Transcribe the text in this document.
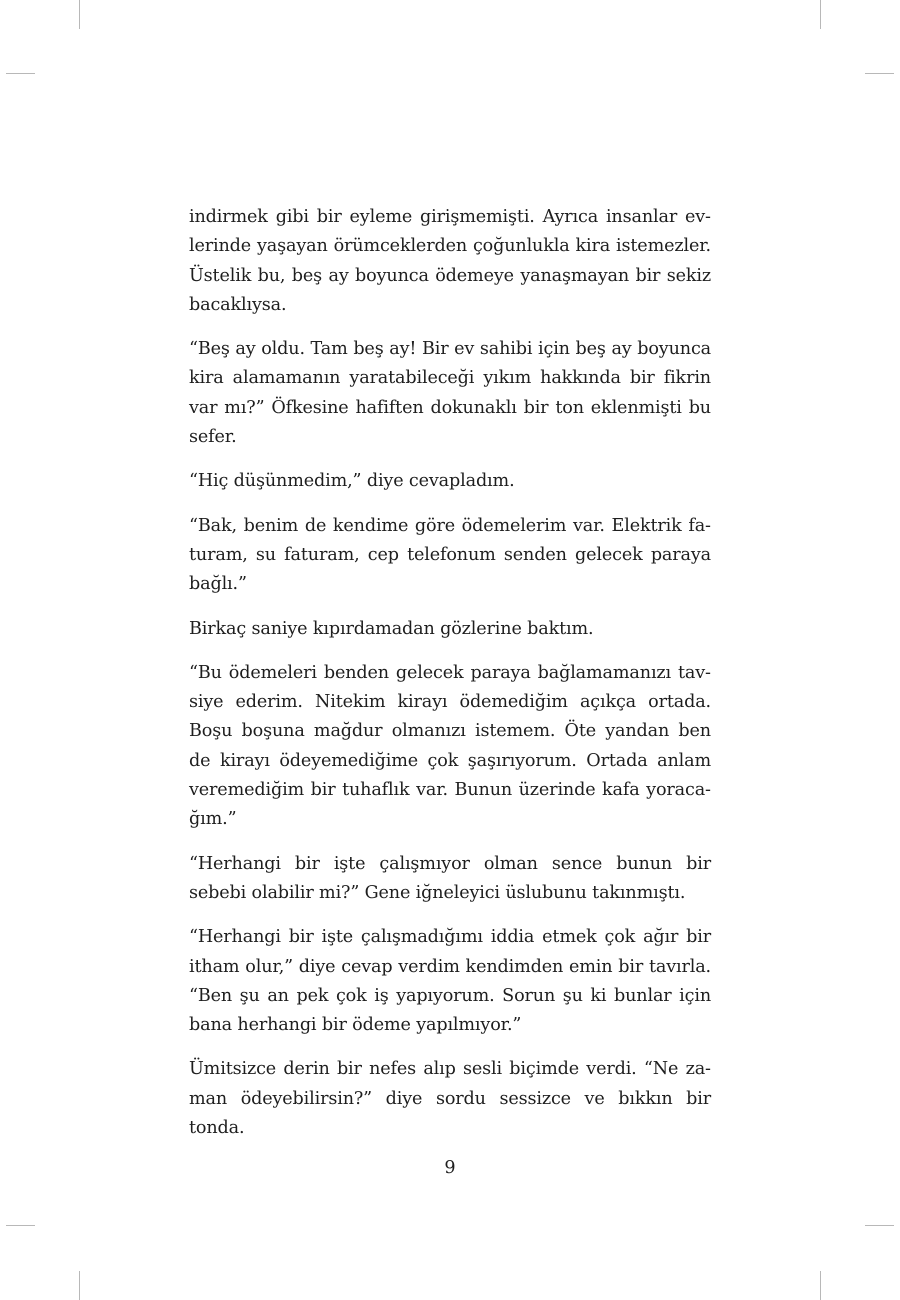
indirmek gibi bir eyleme girişmemişti. Ayrıca insanlar evlerinde yaşayan örümceklerden çoğunlukla kira istemezler. Üstelik bu, beş ay boyunca ödemeye yanaşmayan bir sekiz bacaklıysa.

“Beş ay oldu. Tam beş ay! Bir ev sahibi için beş ay boyunca kira alamamanın yaratabileceği yıkım hakkında bir fikrin var mı?” Öfkesine hafiften dokunaklı bir ton eklenmişti bu sefer.

“Hiç düşünmedim,” diye cevapladım.

“Bak, benim de kendime göre ödemelerim var. Elektrik faturam, su faturam, cep telefonum senden gelecek paraya bağlı.”

Birkaç saniye kıpırdamadan gözlerine baktım.

“Bu ödemeleri benden gelecek paraya bağlamamanızı tavsiye ederim. Nitekim kirayı ödemediğim açıkça ortada. Boşu boşuna mağdur olmanızı istemem. Öte yandan ben de kirayı ödeyemediğime çok şaşırıyorum. Ortada anlam veremediğim bir tuhaflık var. Bunun üzerinde kafa yoracağım.”

“Herhangi bir işte çalışmıyor olman sence bunun bir sebebi olabilir mi?” Gene iğneleyici üslubunu takınmıştı.

“Herhangi bir işte çalışmadığımı iddia etmek çok ağır bir itham olur,” diye cevap verdim kendimden emin bir tavırla. “Ben şu an pek çok iş yapıyorum. Sorun şu ki bunlar için bana herhangi bir ödeme yapılmıyor.”

Ümitsizce derin bir nefes alıp sesli biçimde verdi. “Ne zaman ödeyebilirsin?” diye sordu sessizce ve bıkkın bir tonda.

9
